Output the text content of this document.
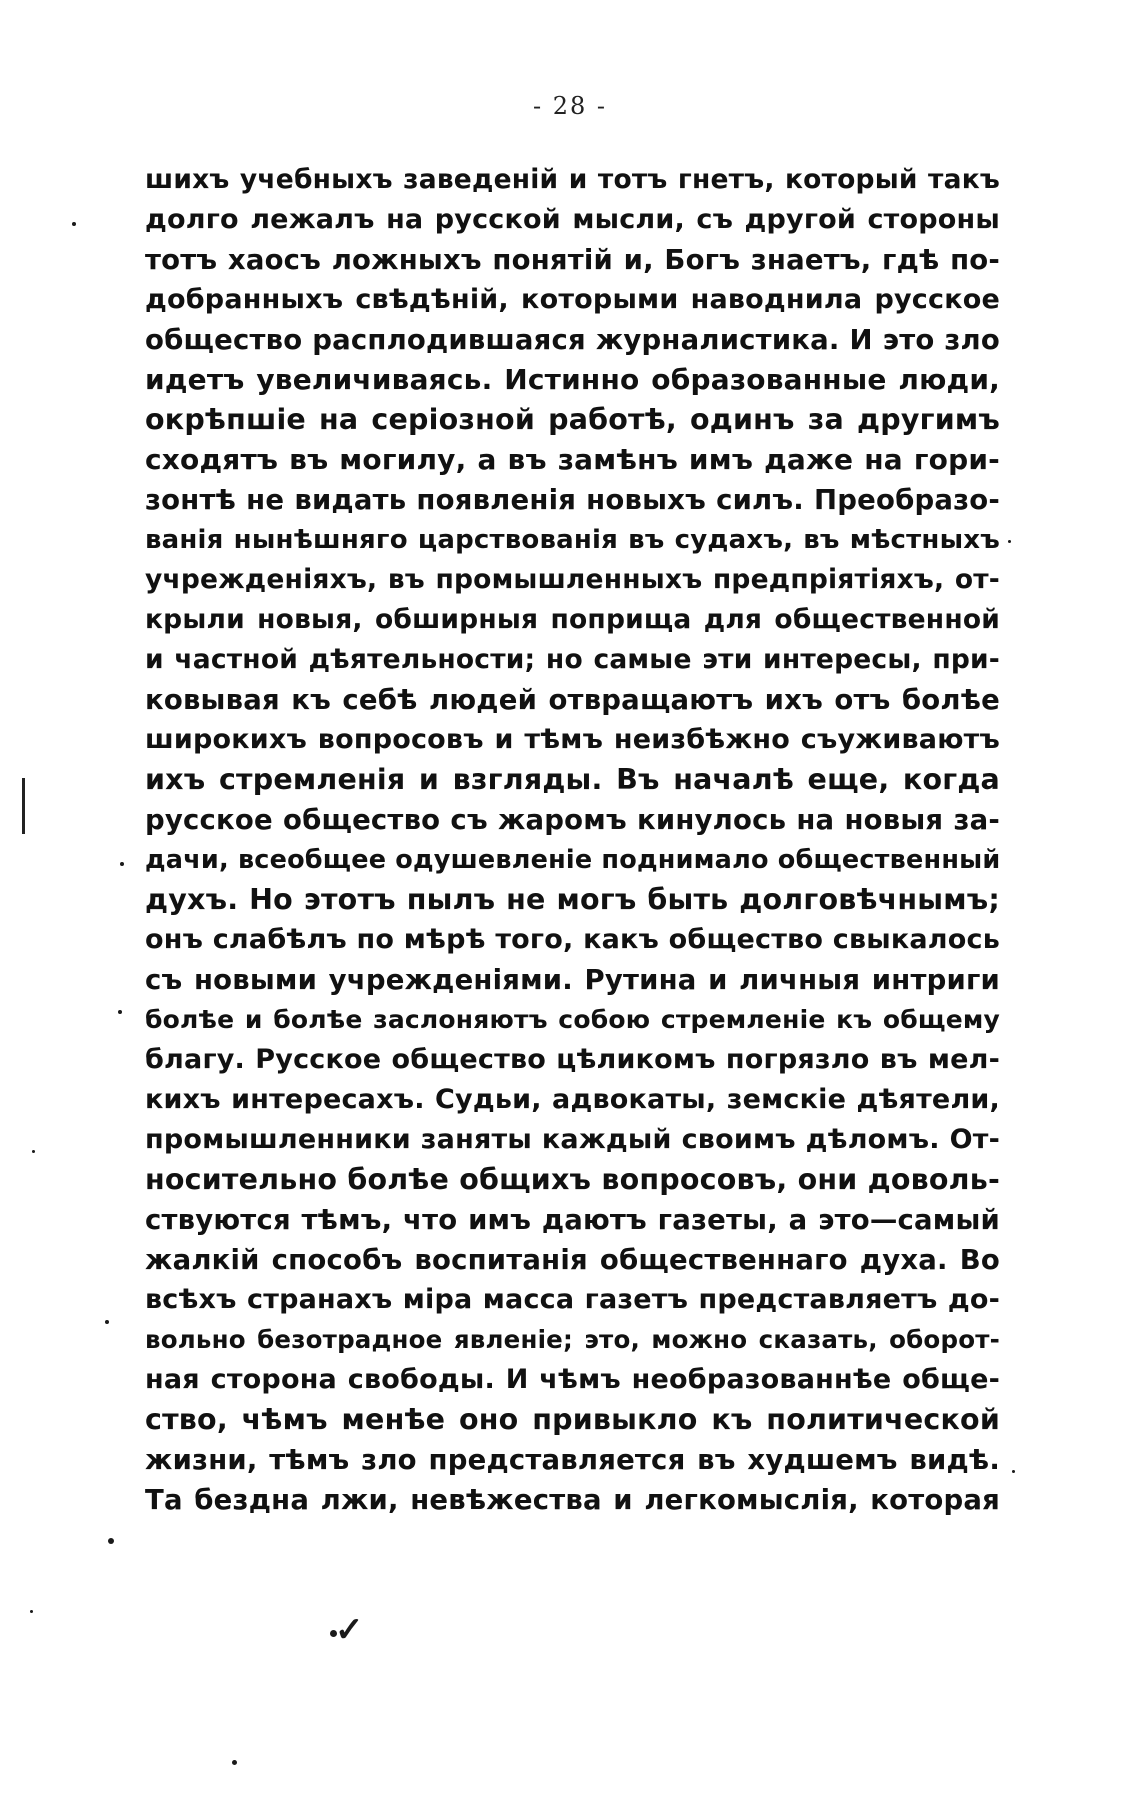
- 28 -
шихъ учебныхъ заведенiй и тотъ гнетъ, который такъ
долго лежалъ на русской мысли, съ другой стороны
тотъ хаосъ ложныхъ понятiй и, Богъ знаетъ, гдѣ по-
добранныхъ свѣдѣнiй, которыми наводнила русское
общество расплодившаяся журналистика. И это зло
идетъ увеличиваясь. Истинно образованные люди,
окрѣпшiе на серiозной работѣ, одинъ за другимъ
сходятъ въ могилу, а въ замѣнъ имъ даже на гори-
зонтѣ не видать появленiя новыхъ силъ. Преобразо-
ванiя нынѣшняго царствованiя въ судахъ, въ мѣстныхъ
учрежденiяхъ, въ промышленныхъ предпрiятiяхъ, от-
крыли новыя, обширныя поприща для общественной
и частной дѣятельности; но самые эти интересы, при-
ковывая къ себѣ людей отвращаютъ ихъ отъ болѣе
широкихъ вопросовъ и тѣмъ неизбѣжно съуживаютъ
ихъ стремленiя и взгляды. Въ началѣ еще, когда
русское общество съ жаромъ кинулось на новыя за-
дачи, всеобщее одушевленiе поднимало общественный
духъ. Но этотъ пылъ не могъ быть долговѣчнымъ;
онъ слабѣлъ по мѣрѣ того, какъ общество свыкалось
съ новыми учрежденiями. Рутина и личныя интриги
болѣе и болѣе заслоняютъ собою стремленiе къ общему
благу. Русское общество цѣликомъ погрязло въ мел-
кихъ интересахъ. Судьи, адвокаты, земскiе дѣятели,
промышленники заняты каждый своимъ дѣломъ. От-
носительно болѣе общихъ вопросовъ, они доволь-
ствуются тѣмъ, что имъ даютъ газеты, а это—самый
жалкiй способъ воспитанiя общественнаго духа. Во
всѣхъ странахъ мiра масса газетъ представляетъ до-
вольно безотрадное явленiе; это, можно сказать, оборот-
ная сторона свободы. И чѣмъ необразованнѣе обще-
ство, чѣмъ менѣе оно привыкло къ политической
жизни, тѣмъ зло представляется въ худшемъ видѣ.
Та бездна лжи, невѣжества и легкомыслiя, которая
✓
